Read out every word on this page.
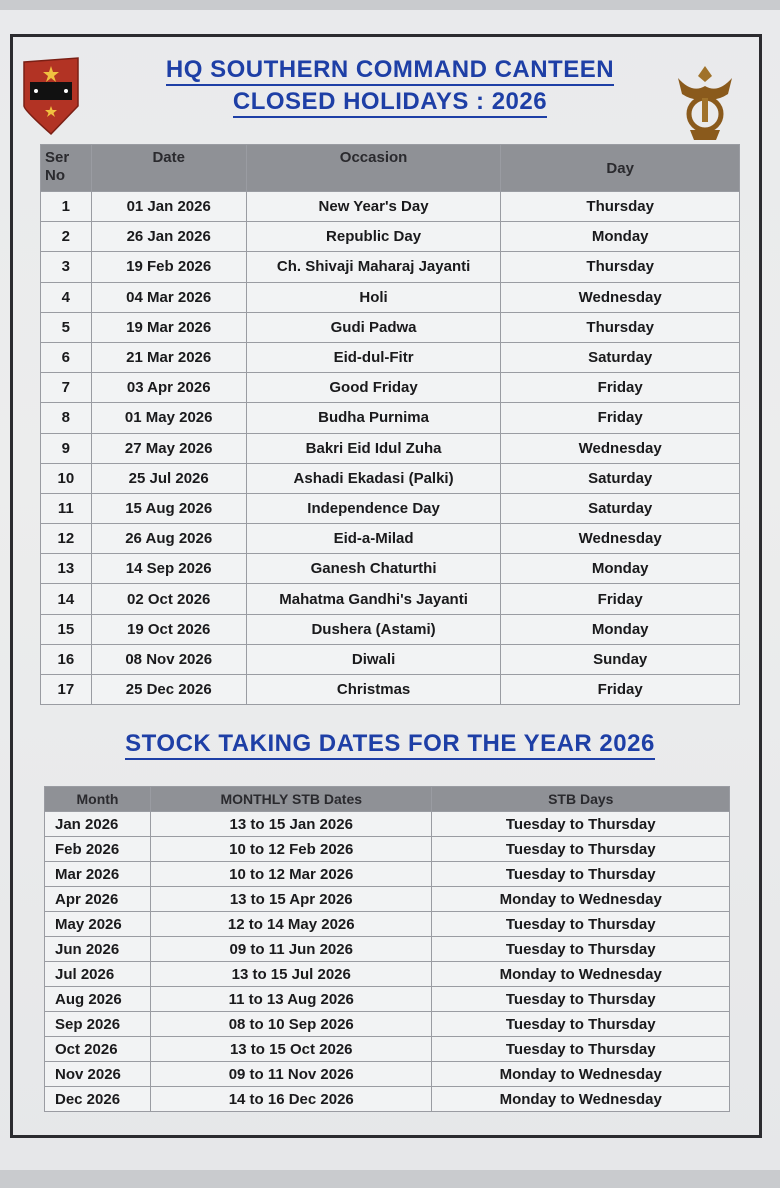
HQ SOUTHERN COMMAND CANTEEN
CLOSED HOLIDAYS : 2026
Ser No	Date	Occasion	Day
1	01 Jan 2026	New Year's Day	Thursday
2	26 Jan 2026	Republic Day	Monday
3	19 Feb 2026	Ch. Shivaji Maharaj Jayanti	Thursday
4	04 Mar 2026	Holi	Wednesday
5	19 Mar 2026	Gudi Padwa	Thursday
6	21 Mar 2026	Eid-dul-Fitr	Saturday
7	03 Apr 2026	Good Friday	Friday
8	01 May 2026	Budha Purnima	Friday
9	27 May 2026	Bakri Eid Idul Zuha	Wednesday
10	25 Jul 2026	Ashadi Ekadasi (Palki)	Saturday
11	15 Aug 2026	Independence Day	Saturday
12	26 Aug 2026	Eid-a-Milad	Wednesday
13	14 Sep 2026	Ganesh Chaturthi	Monday
14	02 Oct 2026	Mahatma Gandhi's Jayanti	Friday
15	19 Oct 2026	Dushera (Astami)	Monday
16	08 Nov 2026	Diwali	Sunday
17	25 Dec 2026	Christmas	Friday
STOCK TAKING DATES FOR THE YEAR 2026
Month	MONTHLY STB Dates	STB Days
Jan 2026	13 to 15 Jan 2026	Tuesday to Thursday
Feb 2026	10 to 12 Feb 2026	Tuesday to Thursday
Mar 2026	10 to 12 Mar 2026	Tuesday to Thursday
Apr 2026	13 to 15 Apr 2026	Monday to Wednesday
May 2026	12 to 14 May 2026	Tuesday to Thursday
Jun 2026	09 to 11 Jun 2026	Tuesday to Thursday
Jul 2026	13 to 15 Jul 2026	Monday to Wednesday
Aug 2026	11 to 13 Aug 2026	Tuesday to Thursday
Sep 2026	08 to 10 Sep 2026	Tuesday to Thursday
Oct 2026	13 to 15 Oct 2026	Tuesday to Thursday
Nov 2026	09 to 11 Nov 2026	Monday to Wednesday
Dec 2026	14 to 16 Dec 2026	Monday to Wednesday
